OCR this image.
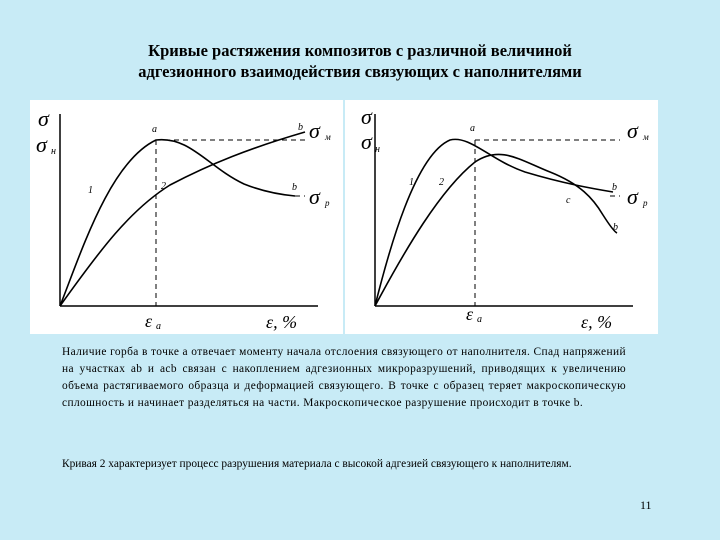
Кривые растяжения композитов с различной величиной
адгезионного взаимодействия связующих с наполнителями
σ
σ н
a	b
b
1	2
σ м
σ р
ε a	ε, %
σ
σ н
a
b
c
b
1	2
σ м
σ р
ε a	ε, %
Наличие горба в точке а отвечает моменту начала отслоения связующего от наполнителя. Спад напряжений на участках ab и acb связан с накоплением адгезионных микроразрушений, приводящих к увеличению объема растягиваемого образца и деформацией связующего. В точке с образец теряет макроскопическую сплошность и начинает разделяться на части. Макроскопическое разрушение происходит в точке b.
Кривая 2 характеризует процесс разрушения материала с высокой адгезией связующего к наполнителям.
11
